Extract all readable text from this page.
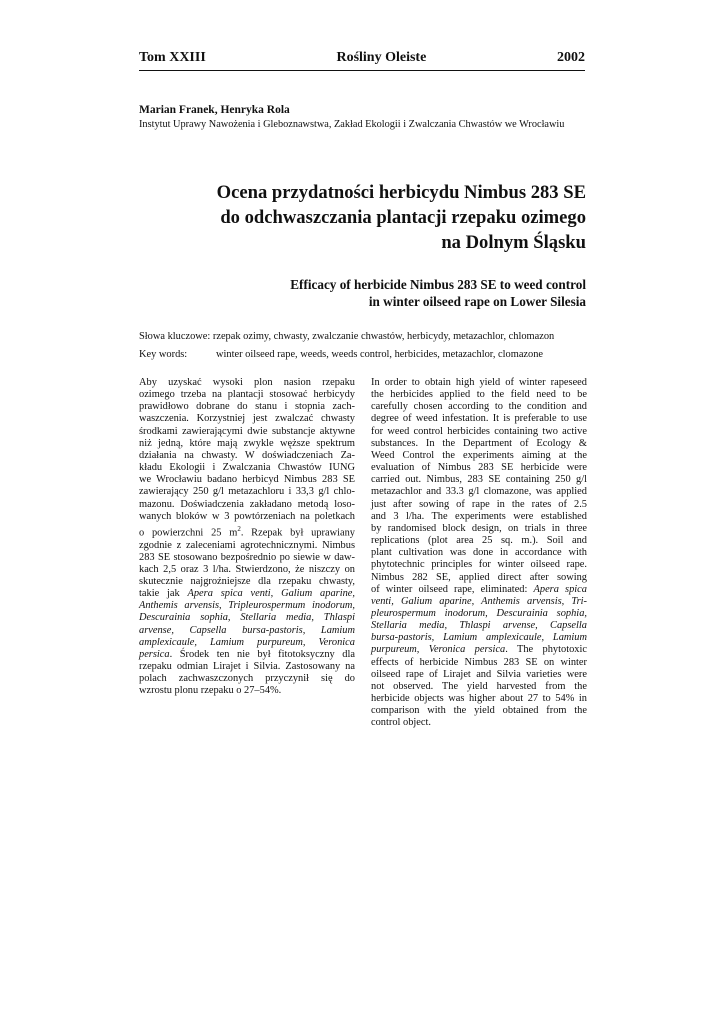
Tom XXIII	Rośliny Oleiste	2002
Marian Franek, Henryka Rola
Instytut Uprawy Nawożenia i Gleboznawstwa, Zakład Ekologii i Zwalczania Chwastów we Wrocławiu
Ocena przydatności herbicydu Nimbus 283 SE
do odchwaszczania plantacji rzepaku ozimego
na Dolnym Śląsku
Efficacy of herbicide Nimbus 283 SE to weed control
in winter oilseed rape on Lower Silesia
Słowa kluczowe: rzepak ozimy, chwasty, zwalczanie chwastów, herbicydy, metazachlor, chlomazon
Key words:	winter oilseed rape, weeds, weeds control, herbicides, metazachlor, clomazone
Aby uzyskać wysoki plon nasion rzepaku
ozimego trzeba na plantacji stosować herbicydy
prawidłowo dobrane do stanu i stopnia zach-
waszczenia. Korzystniej jest zwalczać chwasty
środkami zawierającymi dwie substancje aktywne
niż jedną, które mają zwykle węższe spektrum
działania na chwasty. W doświadczeniach Za-
kładu Ekologii i Zwalczania Chwastów IUNG
we Wrocławiu badano herbicyd Nimbus 283 SE
zawierający 250 g/l metazachloru i 33,3 g/l chlo-
mazonu. Doświadczenia zakładano metodą loso-
wanych bloków w 3 powtórzeniach na poletkach
o powierzchni 25 $m^2$. Rzepak był uprawiany
zgodnie z zaleceniami agrotechnicznymi. Nimbus
283 SE stosowano bezpośrednio po siewie w daw-
kach 2,5 oraz 3 l/ha. Stwierdzono, że niszczy on
skutecznie najgroźniejsze dla rzepaku chwasty,
takie jak Apera spica venti, Galium aparine,
Anthemis arvensis, Tripleurospermum inodorum,
Descurainia sophia, Stellaria media, Thlaspi
arvense, Capsella bursa-pastoris, Lamium
amplexicaule, Lamium purpureum, Veronica
persica. Środek ten nie był fitotoksyczny dla
rzepaku odmian Lirajet i Silvia. Zastosowany na
polach zachwaszczonych przyczynił się do
wzrostu plonu rzepaku o 27–54%.
In order to obtain high yield of winter rapeseed
the herbicides applied to the field need to be
carefully chosen according to the condition and
degree of weed infestation. It is preferable to use
for weed control herbicides containing two active
substances. In the Department of Ecology &
Weed Control the experiments aiming at the
evaluation of Nimbus 283 SE herbicide were
carried out. Nimbus, 283 SE containing 250 g/l
metazachlor and 33.3 g/l clomazone, was applied
just after sowing of rape in the rates of 2.5
and 3 l/ha. The experiments were established
by randomised block design, on trials in three
replications (plot area 25 sq. m.). Soil and
plant cultivation was done in accordance with
phytotechnic principles for winter oilseed rape.
Nimbus 282 SE, applied direct after sowing
of winter oilseed rape, eliminated: Apera spica
venti, Galium aparine, Anthemis arvensis, Tri-
pleurospermum inodorum, Descurainia sophia,
Stellaria media, Thlaspi arvense, Capsella
bursa-pastoris, Lamium amplexicaule, Lamium
purpureum, Veronica persica. The phytotoxic
effects of herbicide Nimbus 283 SE on winter
oilseed rape of Lirajet and Silvia varieties were
not observed. The yield harvested from the
herbicide objects was higher about 27 to 54% in
comparison with the yield obtained from the
control object.
